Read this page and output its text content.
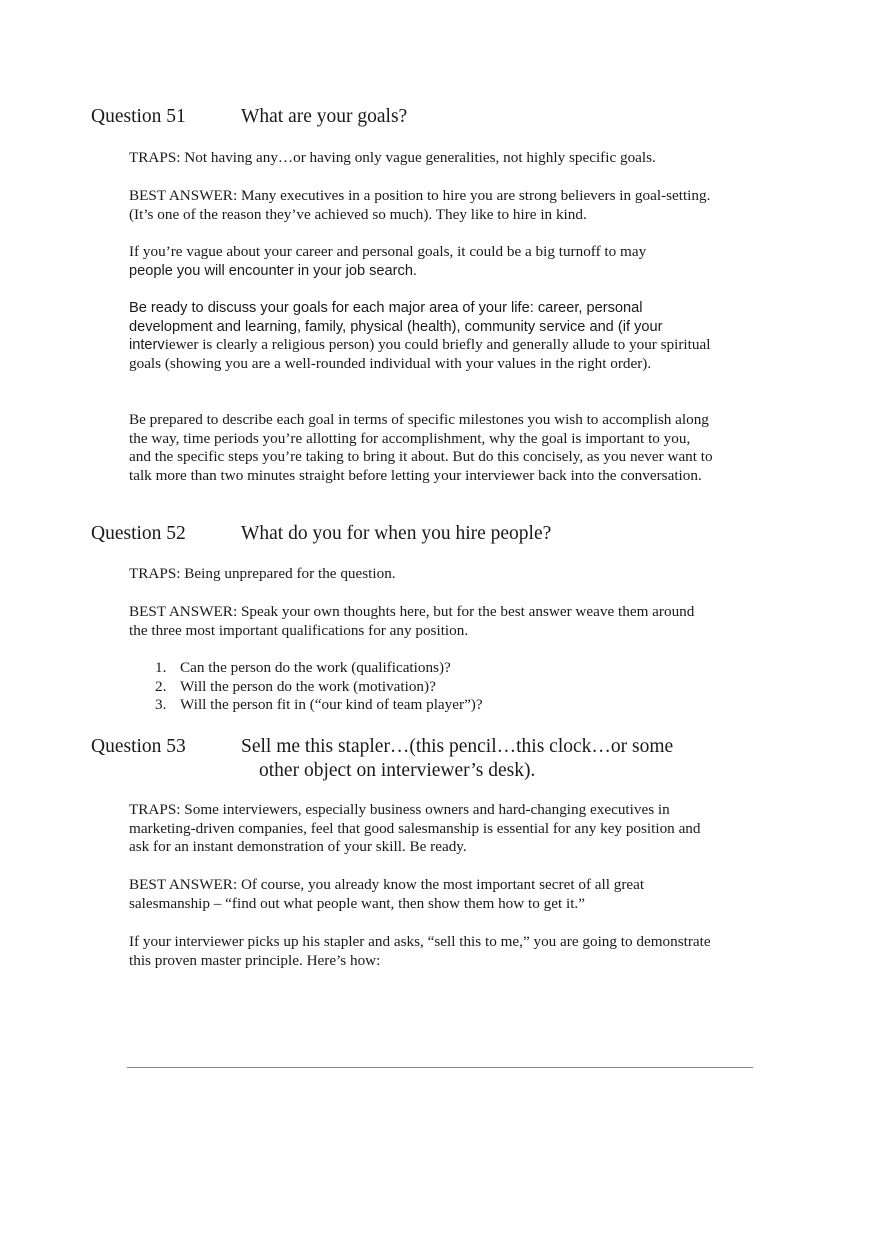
Question 51	What are your goals?
TRAPS: Not having any…or having only vague generalities, not highly specific goals.
BEST ANSWER: Many executives in a position to hire you are strong believers in goal-setting. (It’s one of the reason they’ve achieved so much). They like to hire in kind.
If you’re vague about your career and personal goals, it could be a big turnoff to may
people you will encounter in your job search.
Be ready to discuss your goals for each major area of your life: career, personal development and learning, family, physical (health), community service and (if your interviewer is clearly a religious person) you could briefly and generally allude to your spiritual goals (showing you are a well-rounded individual with your values in the right order).
Be prepared to describe each goal in terms of specific milestones you wish to accomplish along the way, time periods you’re allotting for accomplishment, why the goal is important to you, and the specific steps you’re taking to bring it about. But do this concisely, as you never want to talk more than two minutes straight before letting your interviewer back into the conversation.
Question 52	What do you for when you hire people?
TRAPS: Being unprepared for the question.
BEST ANSWER: Speak your own thoughts here, but for the best answer weave them around the three most important qualifications for any position.
1. Can the person do the work (qualifications)?
2. Will the person do the work (motivation)?
3. Will the person fit in (“our kind of team player”)?
Question 53	Sell me this stapler…(this pencil…this clock…or some
other object on interviewer’s desk).
TRAPS: Some interviewers, especially business owners and hard-changing executives in marketing-driven companies, feel that good salesmanship is essential for any key position and ask for an instant demonstration of your skill. Be ready.
BEST ANSWER: Of course, you already know the most important secret of all great salesmanship – “find out what people want, then show them how to get it.”
If your interviewer picks up his stapler and asks, “sell this to me,” you are going to demonstrate this proven master principle. Here’s how:
